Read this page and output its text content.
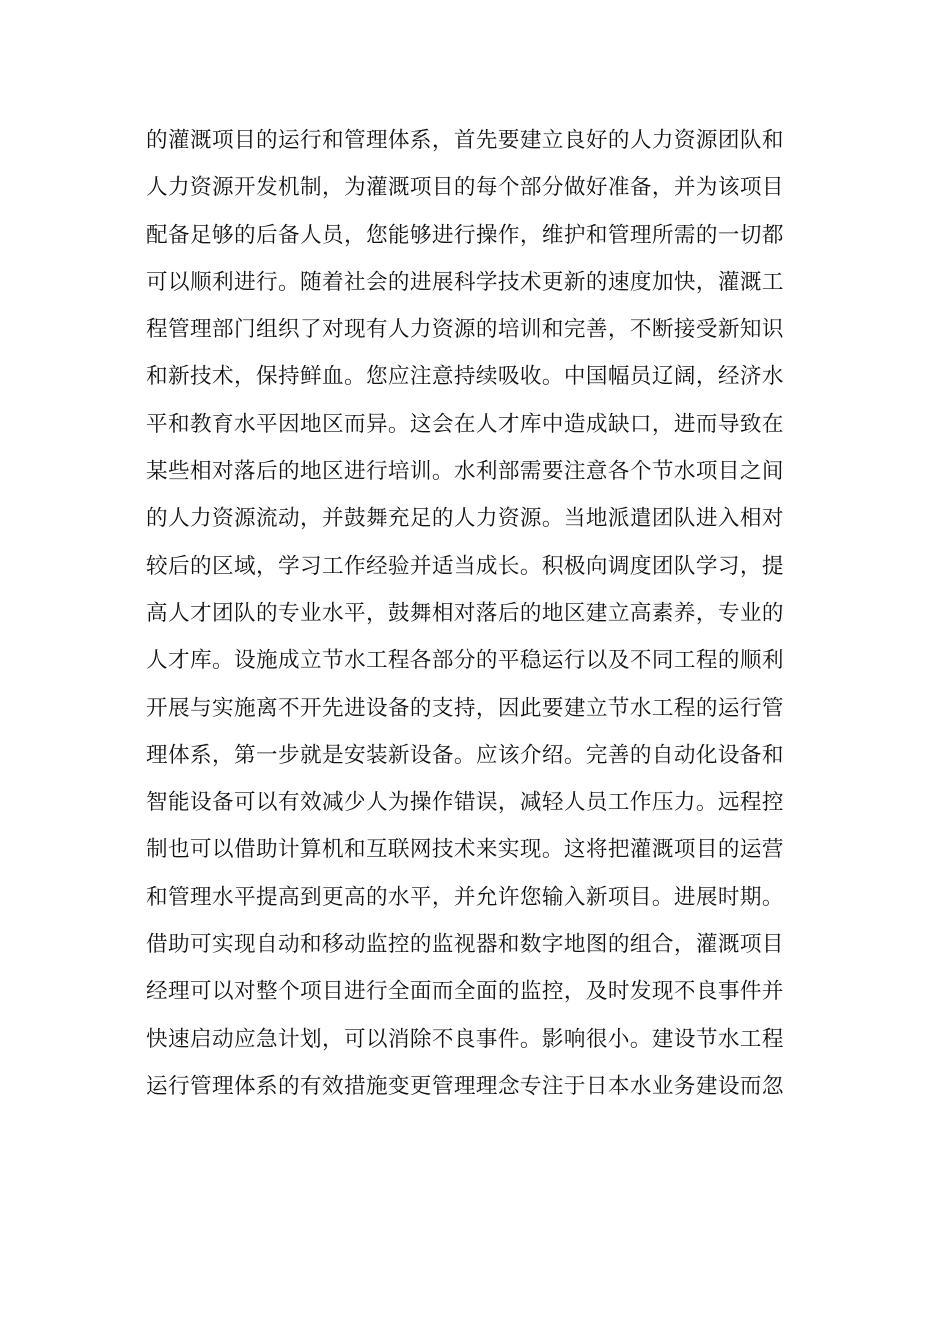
的灌溉项目的运行和管理体系，首先要建立良好的人力资源团队和
人力资源开发机制，为灌溉项目的每个部分做好准备，并为该项目
配备足够的后备人员，您能够进行操作，维护和管理所需的一切都
可以顺利进行。随着社会的进展科学技术更新的速度加快，灌溉工
程管理部门组织了对现有人力资源的培训和完善，不断接受新知识
和新技术，保持鲜血。您应注意持续吸收。中国幅员辽阔，经济水
平和教育水平因地区而异。这会在人才库中造成缺口，进而导致在
某些相对落后的地区进行培训。水利部需要注意各个节水项目之间
的人力资源流动，并鼓舞充足的人力资源。当地派遣团队进入相对
较后的区域，学习工作经验并适当成长。积极向调度团队学习，提
高人才团队的专业水平，鼓舞相对落后的地区建立高素养，专业的
人才库。设施成立节水工程各部分的平稳运行以及不同工程的顺利
开展与实施离不开先进设备的支持，因此要建立节水工程的运行管
理体系，第一步就是安装新设备。应该介绍。完善的自动化设备和
智能设备可以有效减少人为操作错误，减轻人员工作压力。远程控
制也可以借助计算机和互联网技术来实现。这将把灌溉项目的运营
和管理水平提高到更高的水平，并允许您输入新项目。进展时期。
借助可实现自动和移动监控的监视器和数字地图的组合，灌溉项目
经理可以对整个项目进行全面而全面的监控，及时发现不良事件并
快速启动应急计划，可以消除不良事件。影响很小。建设节水工程
运行管理体系的有效措施变更管理理念专注于日本水业务建设而忽
